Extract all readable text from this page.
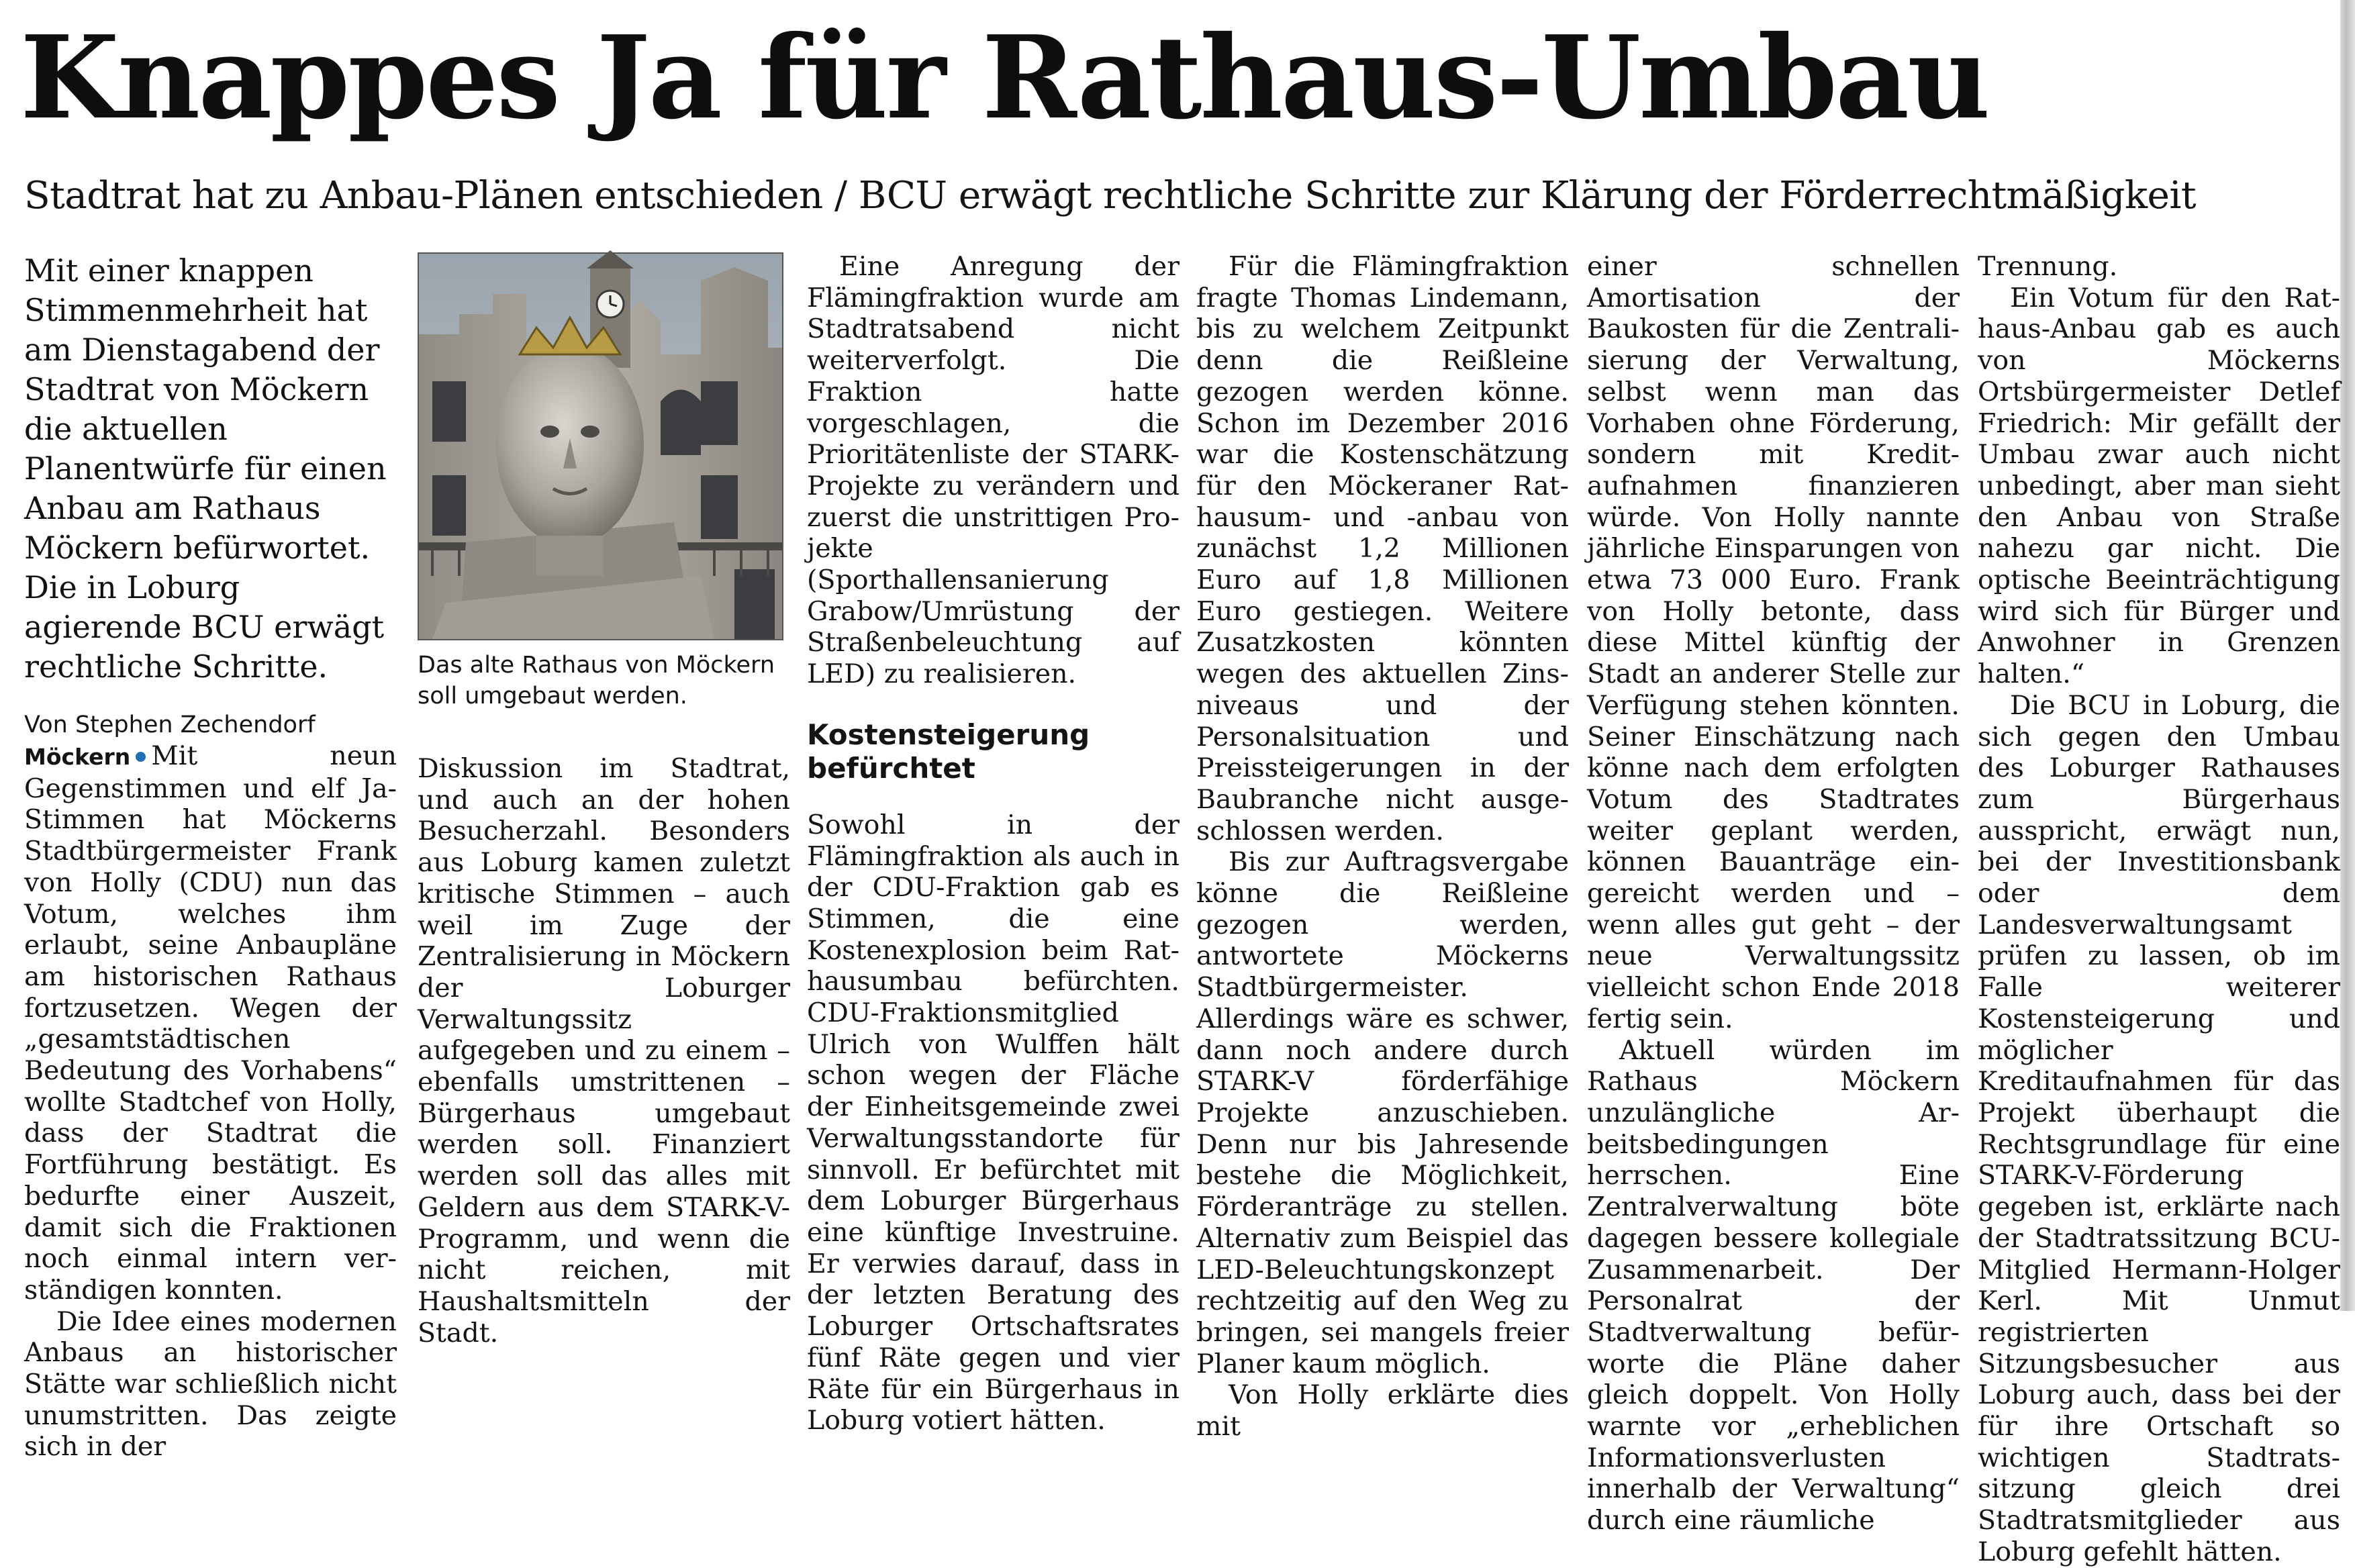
Knappes Ja für Rathaus-Umbau
Stadtrat hat zu Anbau-Plänen entschieden / BCU erwägt rechtliche Schritte zur Klärung der Förderrechtmäßigkeit

Mit einer knappen Stimmenmehrheit hat am Dienstagabend der Stadtrat von Möckern die aktuellen Planentwürfe für einen Anbau am Rathaus Möckern befürwortet. Die in Loburg agierende BCU erwägt rechtliche Schritte.

Von Stephen Zechendorf

Möckern Mit neun Gegenstimmen und elf Ja-Stimmen hat Möckerns Stadtbürgermeister Frank von Holly (CDU) nun das Votum, welches ihm erlaubt, seine Anbaupläne am historischen Rathaus fortzusetzen. Wegen der „gesamtstädtischen Bedeutung des Vorhabens“ wollte Stadtchef von Holly, dass der Stadtrat die Fortführung bestätigt. Es bedurfte einer Auszeit, damit sich die Fraktionen noch einmal intern verständigen konnten.

Die Idee eines modernen Anbaus an historischer Stätte war schließlich nicht unumstritten. Das zeigte sich in der

Das alte Rathaus von Möckern soll umgebaut werden.

Diskussion im Stadtrat, und auch an der hohen Besucherzahl. Besonders aus Loburg kamen zuletzt kritische Stimmen – auch weil im Zuge der Zentralisierung in Möckern der Loburger Verwaltungssitz aufgegeben und zu einem – ebenfalls umstrittenen – Bürgerhaus umgebaut werden soll. Finanziert werden soll das alles mit Geldern aus dem STARK-V-Programm, und wenn die nicht reichen, mit Haushaltsmitteln der Stadt.

Eine Anregung der Flämingfraktion wurde am Stadtratsabend nicht weiterverfolgt. Die Fraktion hatte vorgeschlagen, die Prioritätenliste der STARK-Projekte zu verändern und zuerst die unstrittigen Projekte (Sporthallensanierung Grabow/Umrüstung der Straßenbeleuchtung auf LED) zu realisieren.

Kostensteigerung befürchtet

Sowohl in der Flämingfraktion als auch in der CDU-Fraktion gab es Stimmen, die eine Kostenexplosion beim Rathausumbau befürchten. CDU-Fraktionsmitglied Ulrich von Wulffen hält schon wegen der Fläche der Einheitsgemeinde zwei Verwaltungsstandorte für sinnvoll. Er befürchtet mit dem Loburger Bürgerhaus eine künftige Investruine. Er verwies darauf, dass in der letzten Beratung des Loburger Ortschaftsrates fünf Räte gegen und vier Räte für ein Bürgerhaus in Loburg votiert hätten.

Für die Flämingfraktion fragte Thomas Lindemann, bis zu welchem Zeitpunkt denn die Reißleine gezogen werden könne. Schon im Dezember 2016 war die Kostenschätzung für den Möckeraner Rathausum- und -anbau von zunächst 1,2 Millionen Euro auf 1,8 Millionen Euro gestiegen. Weitere Zusatzkosten könnten wegen des aktuellen Zinsniveaus und der Personalsituation und Preissteigerungen in der Baubranche nicht ausgeschlossen werden.

Bis zur Auftragsvergabe könne die Reißleine gezogen werden, antwortete Möckerns Stadtbürgermeister. Allerdings wäre es schwer, dann noch andere durch STARK-V förderfähige Projekte anzuschieben. Denn nur bis Jahresende bestehe die Möglichkeit, Förderanträge zu stellen. Alternativ zum Beispiel das LED-Beleuchtungskonzept rechtzeitig auf den Weg zu bringen, sei mangels freier Planer kaum möglich.

Von Holly erklärte dies mit

einer schnellen Amortisation der Baukosten für die Zentralisierung der Verwaltung, selbst wenn man das Vorhaben ohne Förderung, sondern mit Kreditaufnahmen finanzieren würde. Von Holly nannte jährliche Einsparungen von etwa 73 000 Euro. Frank von Holly betonte, dass diese Mittel künftig der Stadt an anderer Stelle zur Verfügung stehen könnten. Seiner Einschätzung nach könne nach dem erfolgten Votum des Stadtrates weiter geplant werden, können Bauanträge eingereicht werden und – wenn alles gut geht – der neue Verwaltungssitz vielleicht schon Ende 2018 fertig sein.

Aktuell würden im Rathaus Möckern unzulängliche Arbeitsbedingungen herrschen. Eine Zentralverwaltung böte dagegen bessere kollegiale Zusammenarbeit. Der Personalrat der Stadtverwaltung befürworte die Pläne daher gleich doppelt. Von Holly warnte vor „erheblichen Informationsverlusten innerhalb der Verwaltung“ durch eine räumliche

Trennung.

Ein Votum für den Rathaus-Anbau gab es auch von Möckerns Ortsbürgermeister Detlef Friedrich: Mir gefällt der Umbau zwar auch nicht unbedingt, aber man sieht den Anbau von Straße nahezu gar nicht. Die optische Beeinträchtigung wird sich für Bürger und Anwohner in Grenzen halten.“

Die BCU in Loburg, die sich gegen den Umbau des Loburger Rathauses zum Bürgerhaus ausspricht, erwägt nun, bei der Investitionsbank oder dem Landesverwaltungsamt prüfen zu lassen, ob im Falle weiterer Kostensteigerung und möglicher Kreditaufnahmen für das Projekt überhaupt die Rechtsgrundlage für eine STARK-V-Förderung gegeben ist, erklärte nach der Stadtratssitzung BCU-Mitglied Hermann-Holger Kerl. Mit Unmut registrierten Sitzungsbesucher aus Loburg auch, dass bei der für ihre Ortschaft so wichtigen Stadtratssitzung gleich drei Stadtratsmitglieder aus Loburg gefehlt hätten.
